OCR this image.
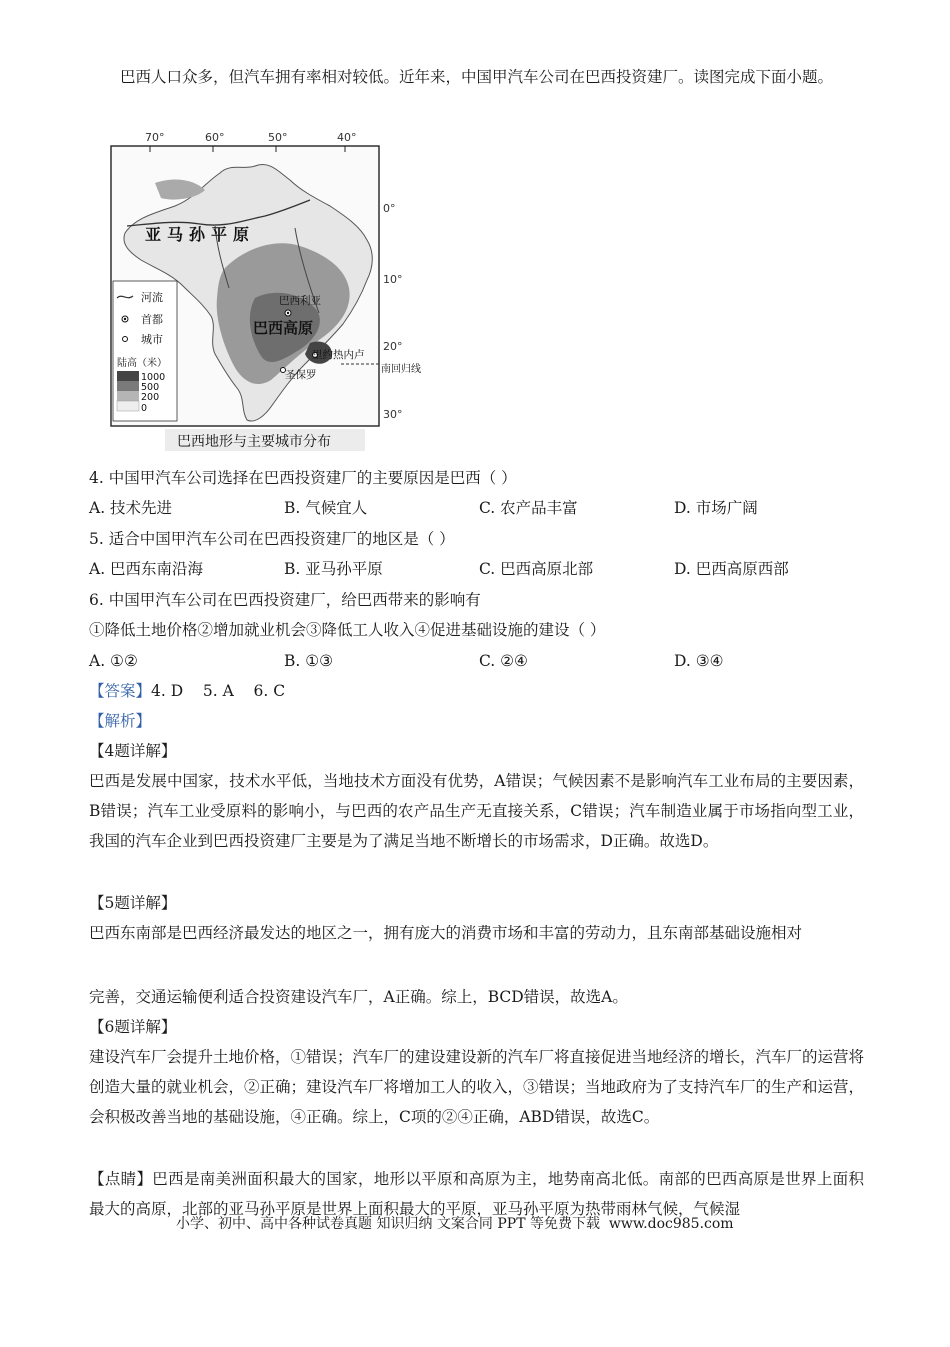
巴西人口众多，但汽车拥有率相对较低。近年来，中国甲汽车公司在巴西投资建厂。读图完成下面小题。

70°	60°	50°	40°
0°
10°
20°
30°
亚马孙平原
巴西高原
巴西利亚
里约热内卢
圣保罗	南回归线
河流
首都
城市
陆高（米）
1000
500
200
0
巴西地形与主要城市分布

4. 中国甲汽车公司选择在巴西投资建厂的主要原因是巴西（ ）

A. 技术先进	B. 气候宜人	C. 农产品丰富	D. 市场广阔

5. 适合中国甲汽车公司在巴西投资建厂的地区是（ ）

A. 巴西东南沿海	B. 亚马孙平原	C. 巴西高原北部	D. 巴西高原西部

6. 中国甲汽车公司在巴西投资建厂，给巴西带来的影响有

①降低土地价格②增加就业机会③降低工人收入④促进基础设施的建设（ ）

A. ①②	B. ①③	C. ②④	D. ③④

【答案】4. D    5. A    6. C

【解析】

【4题详解】

巴西是发展中国家，技术水平低，当地技术方面没有优势，A错误；气候因素不是影响汽车工业布局的主要因素，B错误；汽车工业受原料的影响小，与巴西的农产品生产无直接关系，C错误；汽车制造业属于市场指向型工业，我国的汽车企业到巴西投资建厂主要是为了满足当地不断增长的市场需求，D正确。故选D。

【5题详解】

巴西东南部是巴西经济最发达的地区之一，拥有庞大的消费市场和丰富的劳动力，且东南部基础设施相对

完善，交通运输便利适合投资建设汽车厂，A正确。综上，BCD错误，故选A。

【6题详解】

建设汽车厂会提升土地价格，①错误；汽车厂的建设建设新的汽车厂将直接促进当地经济的增长，汽车厂的运营将创造大量的就业机会，②正确；建设汽车厂将增加工人的收入，③错误；当地政府为了支持汽车厂的生产和运营，会积极改善当地的基础设施，④正确。综上，C项的②④正确，ABD错误，故选C。

【点睛】巴西是南美洲面积最大的国家，地形以平原和高原为主，地势南高北低。南部的巴西高原是世界上面积最大的高原，北部的亚马孙平原是世界上面积最大的平原，亚马孙平原为热带雨林气候，气候湿

小学、初中、高中各种试卷真题 知识归纳 文案合同 PPT 等免费下载 www.doc985.com
